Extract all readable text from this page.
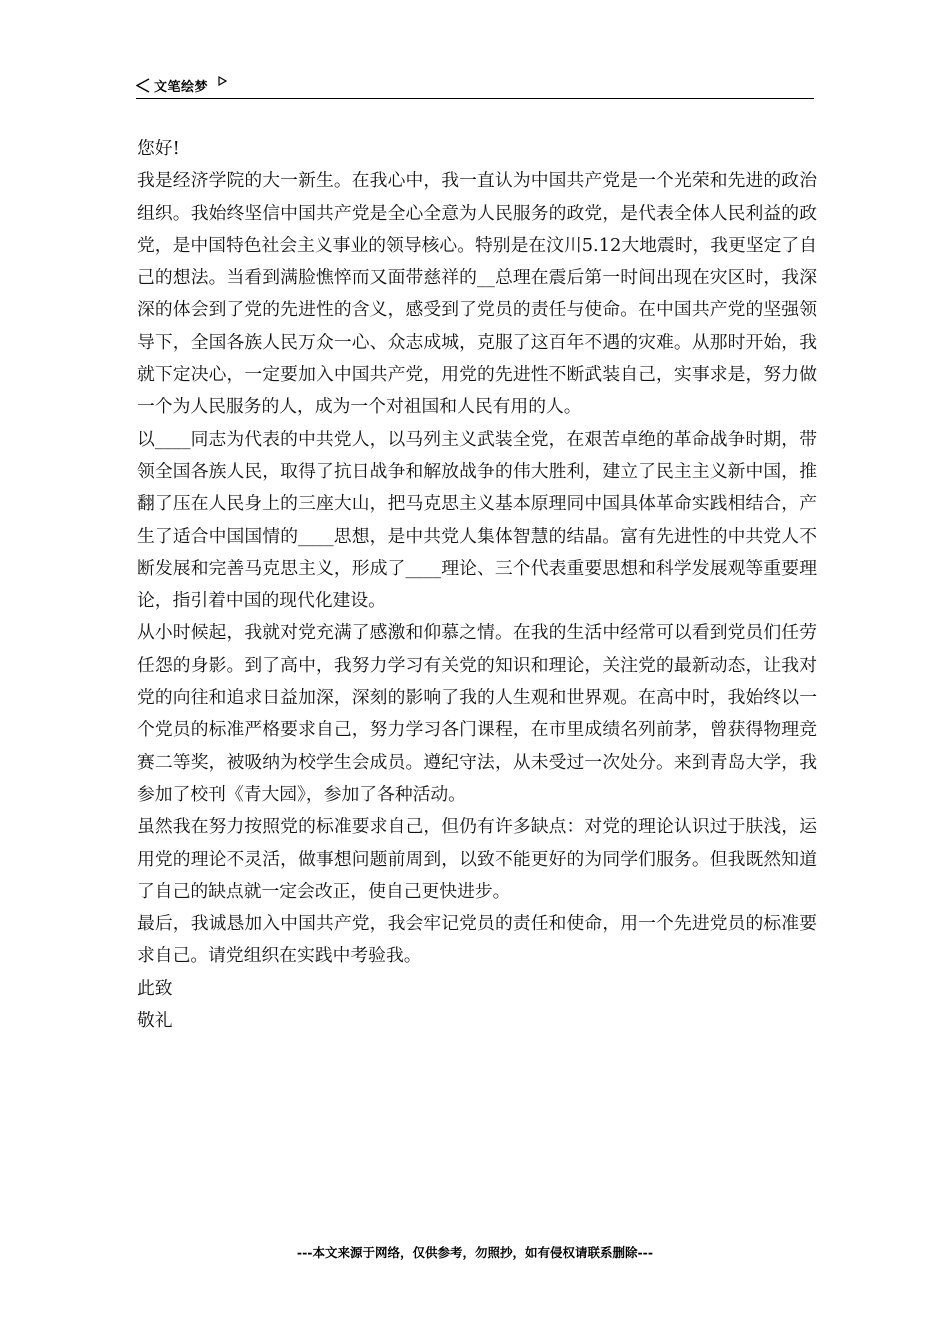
文笔绘梦

您好!

我是经济学院的大一新生。在我心中，我一直认为中国共产党是一个光荣和先进的政治组织。我始终坚信中国共产党是全心全意为人民服务的政党，是代表全体人民利益的政党，是中国特色社会主义事业的领导核心。特别是在汶川5.12大地震时，我更坚定了自己的想法。当看到满脸憔悴而又面带慈祥的__总理在震后第一时间出现在灾区时，我深深的体会到了党的先进性的含义，感受到了党员的责任与使命。在中国共产党的坚强领导下，全国各族人民万众一心、众志成城，克服了这百年不遇的灾难。从那时开始，我就下定决心，一定要加入中国共产党，用党的先进性不断武装自己，实事求是，努力做一个为人民服务的人，成为一个对祖国和人民有用的人。

以____同志为代表的中共党人，以马列主义武装全党，在艰苦卓绝的革命战争时期，带领全国各族人民，取得了抗日战争和解放战争的伟大胜利，建立了民主主义新中国，推翻了压在人民身上的三座大山，把马克思主义基本原理同中国具体革命实践相结合，产生了适合中国国情的____思想，是中共党人集体智慧的结晶。富有先进性的中共党人不断发展和完善马克思主义，形成了____理论、三个代表重要思想和科学发展观等重要理论，指引着中国的现代化建设。

从小时候起，我就对党充满了感激和仰慕之情。在我的生活中经常可以看到党员们任劳任怨的身影。到了高中，我努力学习有关党的知识和理论，关注党的最新动态，让我对党的向往和追求日益加深，深刻的影响了我的人生观和世界观。在高中时，我始终以一个党员的标准严格要求自己，努力学习各门课程，在市里成绩名列前茅，曾获得物理竞赛二等奖，被吸纳为校学生会成员。遵纪守法，从未受过一次处分。来到青岛大学，我参加了校刊《青大园》，参加了各种活动。

虽然我在努力按照党的标准要求自己，但仍有许多缺点：对党的理论认识过于肤浅，运用党的理论不灵活，做事想问题前周到，以致不能更好的为同学们服务。但我既然知道了自己的缺点就一定会改正，使自己更快进步。

最后，我诚恳加入中国共产党，我会牢记党员的责任和使命，用一个先进党员的标准要求自己。请党组织在实践中考验我。

此致

敬礼

---本文来源于网络，仅供参考，勿照抄，如有侵权请联系删除---
